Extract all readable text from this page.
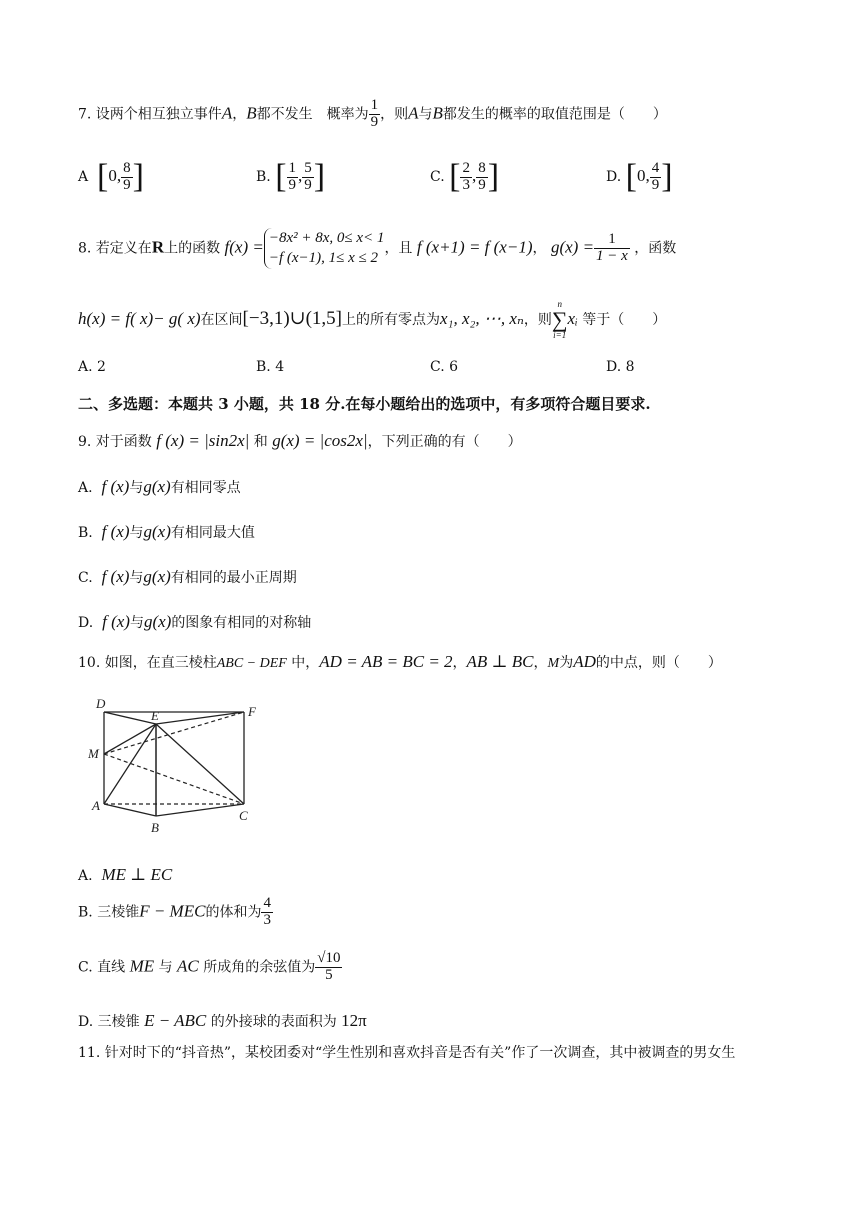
7. 设两个相互独立事件A，B都不发生　概率为 $\frac{1}{9}$ ，则A与B都发生的概率的取值范围是（　　）
A [0, $\frac{8}{9}$ ]	B. [ $\frac{1}{9}$ , $\frac{5}{9}$ ]	C. [ $\frac{2}{3}$ , $\frac{8}{9}$ ]	D. [0, $\frac{4}{9}$ ]
8. 若定义在R上的函数 f(x) = −8x² + 8x, 0≤ x< 1
−f (x−1), 1≤ x ≤ 2
，且 f (x+1) = f (x−1)， $g(x) = \frac{1}{1 - x}$ ，函数
h(x) = f( x)− g( x)在区间[−3,1)∪(1,5]上的所有零点为x₁, x₂, ⋯, xₙ，则
n
∑
i=1
xᵢ 等于（　　）
A. 2	B. 4	C. 6	D. 8
二、多选题：本题共 3 小题，共 18 分.在每小题给出的选项中，有多项符合题目要求.
9. 对于函数 f (x) = |sin2x| 和 g(x) = |cos2x|，下列正确的有（　　）
A. f (x)与g(x)有相同零点
B. f (x)与g(x)有相同最大值
C. f (x)与g(x)有相同的最小正周期
D. f (x)与g(x)的图象有相同的对称轴
10. 如图，在直三棱柱ABC − DEF 中，AD = AB = BC = 2，AB ⊥ BC，M为AD的中点，则（　　）
D
E	F
M
A
B
C
A. ME ⊥ EC
B. 三棱锥F − MEC的体和为 $\frac{4}{3}$
C. 直线 ME 与 AC 所成角的余弦值为 $\frac{√10}{5}$
D. 三棱锥 E − ABC 的外接球的表面积为 12π
11. 针对时下的“抖音热”，某校团委对“学生性别和喜欢抖音是否有关”作了一次调查，其中被调查的男女生
